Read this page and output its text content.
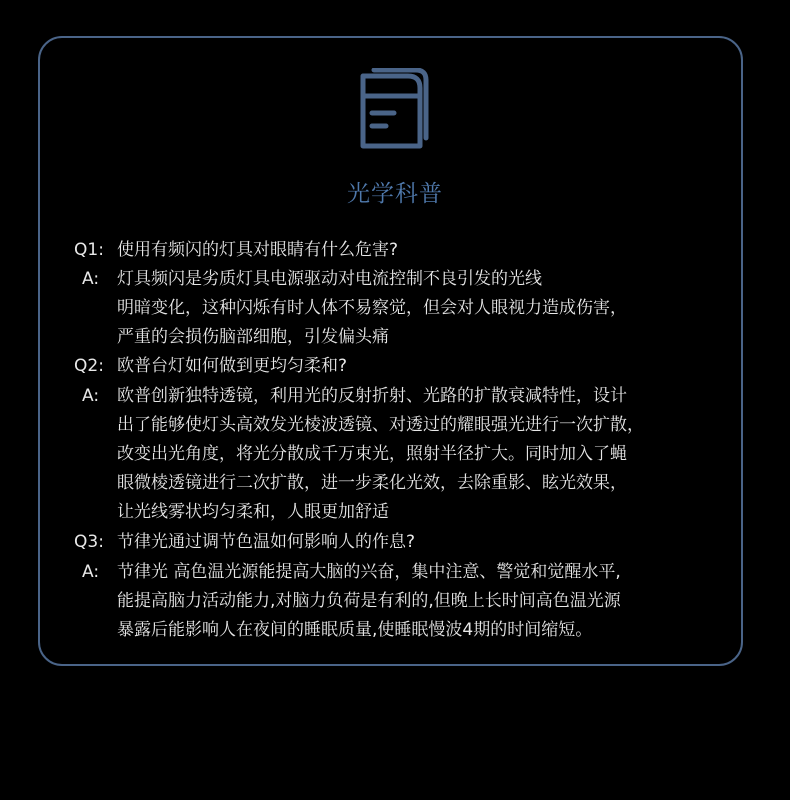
光学科普
Q1: 使用有频闪的灯具对眼睛有什么危害?
A: 灯具频闪是劣质灯具电源驱动对电流控制不良引发的光线
明暗变化，这种闪烁有时人体不易察觉，但会对人眼视力造成伤害，
严重的会损伤脑部细胞，引发偏头痛
Q2: 欧普台灯如何做到更均匀柔和?
A: 欧普创新独特透镜，利用光的反射折射、光路的扩散衰减特性，设计
出了能够使灯头高效发光棱波透镜、对透过的耀眼强光进行一次扩散，
改变出光角度，将光分散成千万束光，照射半径扩大。同时加入了蝇
眼微棱透镜进行二次扩散，进一步柔化光效，去除重影、眩光效果，
让光线雾状均匀柔和，人眼更加舒适
Q3: 节律光通过调节色温如何影响人的作息?
A: 节律光 高色温光源能提高大脑的兴奋，集中注意、警觉和觉醒水平,
能提高脑力活动能力,对脑力负荷是有利的,但晚上长时间高色温光源
暴露后能影响人在夜间的睡眠质量,使睡眠慢波4期的时间缩短。
